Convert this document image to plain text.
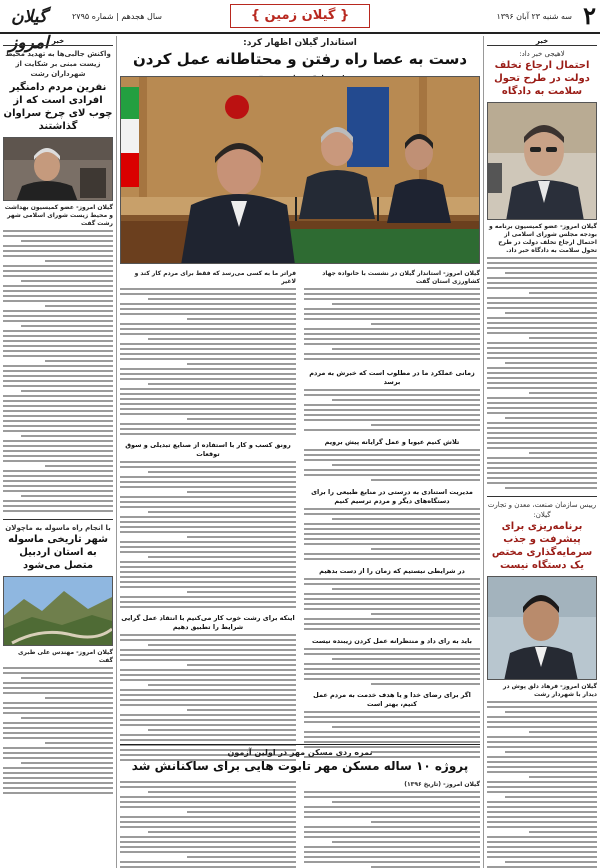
گیلان امروز
سال هجدهم | شماره ۲۷۹۵	{ گیلان زمین }	سه شنبه ۲۳ آبان ۱۳۹۶ ۲
خبر
لاهیجی خبر داد:
احتمال ارجاع تخلف دولت در طرح تحول سلامت به دادگاه
گیلان امروز- عضو کمیسیون برنامه و بودجه مجلس شورای اسلامی از احتمال ارجاع تخلف دولت در طرح تحول سلامت به دادگاه خبر داد.
رییس سازمان صنعت، معدن و تجارت گیلان:
برنامه‌ریزی برای پیشرفت و جذب سرمایه‌گذاری مختص یک دستگاه نیست
گیلان امروز- فرهاد دلق پوش در دیدار با شهردار رشت
خبر
واکنش جالبی‌ها به تهدید محیط زیست مبنی بر شکایت از شهرداران رشت
نفرین مردم دامنگیر افرادی است که از چوب لای چرخ سراوان گذاشتند
گیلان امروز- عضو کمیسیون بهداشت و محیط زیست شورای اسلامی شهر رشت گفت
با انجام راه ماسوله به ماچولان
شهر تاریخی ماسوله به استان اردبیل متصل می‌شود
گیلان امروز- مهندس علی طبری گفت
استاندار گیلان اظهار کرد:
دست به عصا راه رفتن و محتاطانه عمل کردن
گیلان امروز- استاندار گیلان در نشست با خانواده جهاد کشاورزی استان گفت
زمانی عملکرد ما در مطلوب است که خبرش به مردم برسد
تلاش کنیم عیوبا و عمل گرایانه پیش برویم
مدیریت استنادی به درستی در منابع طبیعی را برای دستگاه‌های دیگر و مردم ترسیم کنیم
در شرایطی نیستیم که زمان را از دست بدهیم
باید به رای داد و منتظرانه عمل کردن زیبنده نیست
اگر برای رضای خدا و یا هدف خدمت به مردم عمل کنیم، بهتر است
فراتر ما به کسی می‌رسد که فقط برای مردم کار کند و لاغیر
رونق کسب و کار با استفاده از صنایع تبدیلی و سوق توقعات
اینکه برای رشت خوب کار می‌کنیم با انتقاد عمل گرایی شرایط را تطبیق دهیم
نمره ردی مسکن مهر در اولین آزمون
پروژه ۱۰ ساله مسکن مهر تابوت هایی برای ساکنانش شد
گیلان امروز- (تاریخ ۱۳۹۶)
